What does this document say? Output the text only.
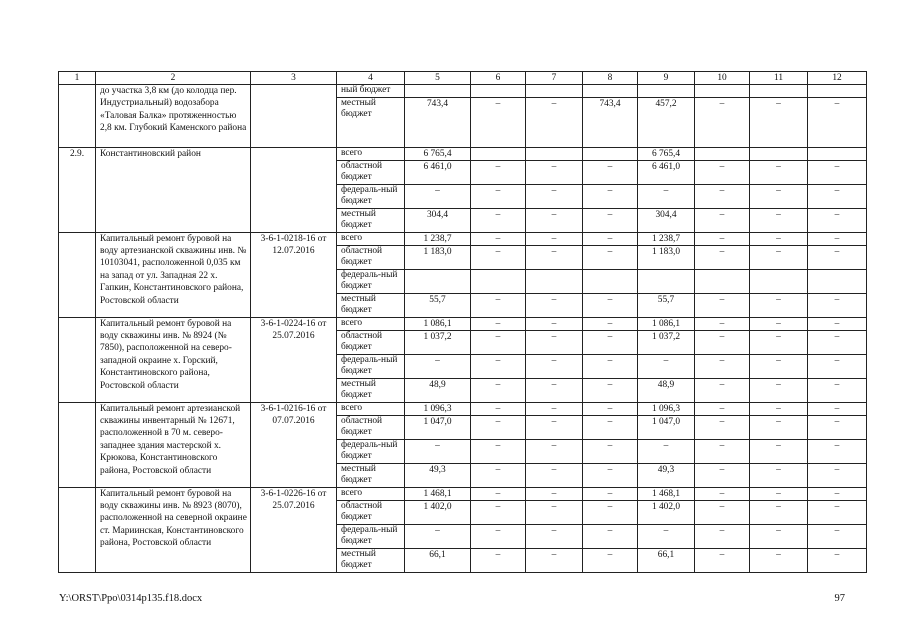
1	2	3	4	5	6	7	8	9	10	11	12
	до участка 3,8 км (до колодца пер. Индустриальный) водозабора «Таловая Балка» протяженностью 2,8 км. Глубокий Каменского района		ный бюджет								
			местный бюджет	743,4	–	–	743,4	457,2	–	–	–
2.9.	Константиновский район		всего	6 765,4				6 765,4			
			областной бюджет	6 461,0	–	–	–	6 461,0	–	–	–
			федераль-ный бюджет	–	–	–	–	–	–	–	–
			местный бюджет	304,4	–	–	–	304,4	–	–	–
	Капитальный ремонт буровой на воду артезианской скважины инв. № 10103041, расположенной 0,035 км на запад от ул. Западная 22 х. Гапкин, Константиновского района, Ростовской области	3-6-1-0218-16 от 12.07.2016	всего	1 238,7	–	–	–	1 238,7	–	–	–
			областной бюджет	1 183,0	–	–	–	1 183,0	–	–	–
			федераль-ный бюджет								
			местный бюджет	55,7	–	–	–	55,7	–	–	–
	Капитальный ремонт буровой на воду скважины инв. № 8924 (№ 7850), расположенной на северо-западной окраине х. Горский, Константиновского района, Ростовской области	3-6-1-0224-16 от 25.07.2016	всего	1 086,1	–	–	–	1 086,1	–	–	–
			областной бюджет	1 037,2	–	–	–	1 037,2	–	–	–
			федераль-ный бюджет	–	–	–	–	–	–	–	–
			местный бюджет	48,9	–	–	–	48,9	–	–	–
	Капитальный ремонт артезианской скважины инвентарный № 12671, расположенной в 70 м. северо-западнее здания мастерской х. Крюкова, Константиновского района, Ростовской области	3-6-1-0216-16 от 07.07.2016	всего	1 096,3	–	–	–	1 096,3	–	–	–
			областной бюджет	1 047,0	–	–	–	1 047,0	–	–	–
			федераль-ный бюджет	–	–	–	–	–	–	–	–
			местный бюджет	49,3	–	–	–	49,3	–	–	–
	Капитальный ремонт буровой на воду скважины инв. № 8923 (8070), расположенной на северной окраине ст. Мариинская, Константиновского района, Ростовской области	3-6-1-0226-16 от 25.07.2016	всего	1 468,1	–	–	–	1 468,1	–	–	–
			областной бюджет	1 402,0	–	–	–	1 402,0	–	–	–
			федераль-ный бюджет	–	–	–	–	–	–	–	–
			местный бюджет	66,1	–	–	–	66,1	–	–	–
Y:\ORST\Ppo\0314p135.f18.docx	97
